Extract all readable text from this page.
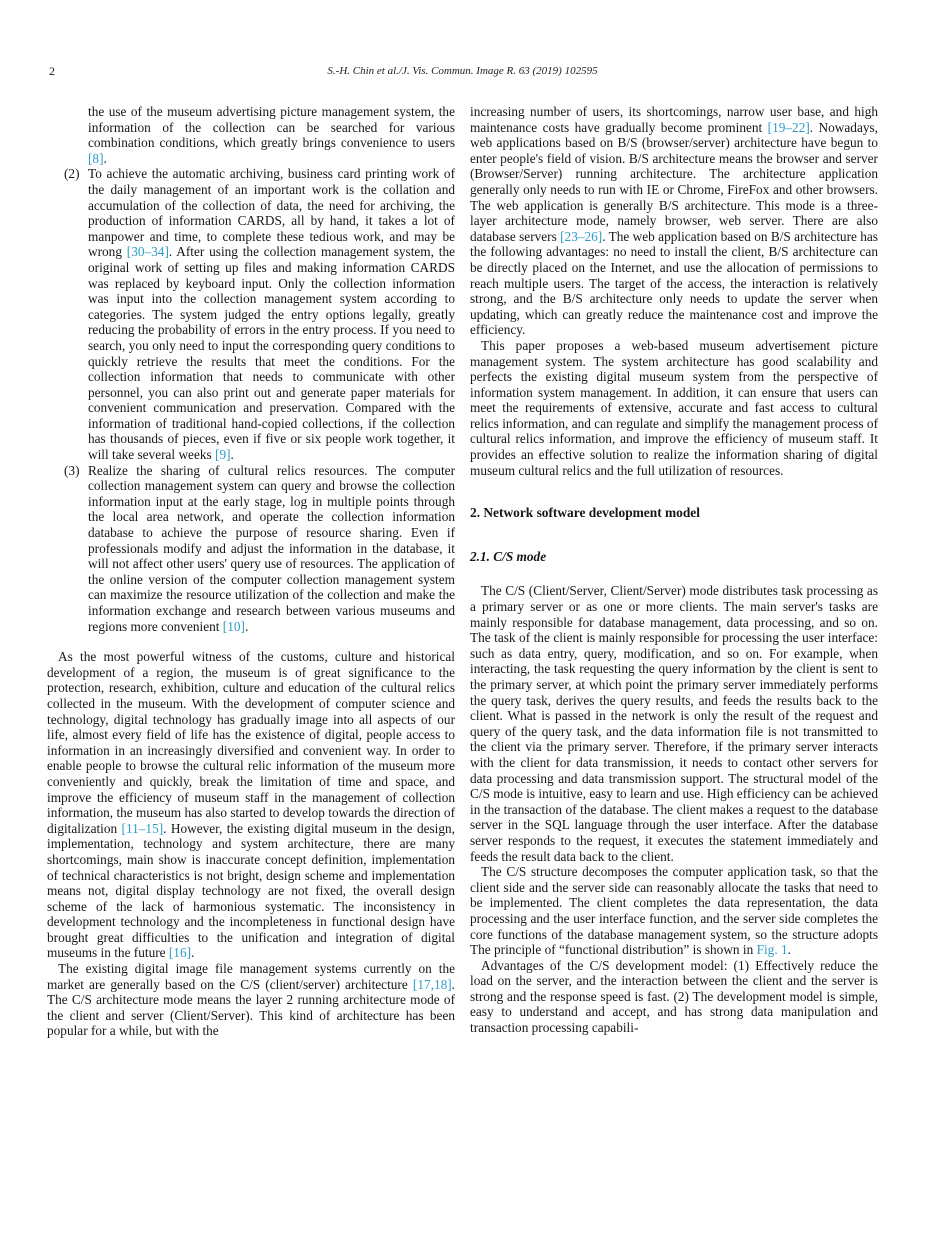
2	S.-H. Chin et al./J. Vis. Commun. Image R. 63 (2019) 102595
the use of the museum advertising picture management system, the information of the collection can be searched for various combination conditions, which greatly brings convenience to users [8].
(2) To achieve the automatic archiving, business card printing work of the daily management of an important work is the collation and accumulation of the collection of data, the need for archiving, the production of information CARDS, all by hand, it takes a lot of manpower and time, to complete these tedious work, and may be wrong [30–34]. After using the collection management system, the original work of setting up files and making information CARDS was replaced by keyboard input. Only the collection information was input into the collection management system according to categories. The system judged the entry options legally, greatly reducing the probability of errors in the entry process. If you need to search, you only need to input the corresponding query conditions to quickly retrieve the results that meet the conditions. For the collection information that needs to communicate with other personnel, you can also print out and generate paper materials for convenient communication and preservation. Compared with the information of traditional hand-copied collections, if the collection has thousands of pieces, even if five or six people work together, it will take several weeks [9].
(3) Realize the sharing of cultural relics resources. The computer collection management system can query and browse the collection information input at the early stage, log in multiple points through the local area network, and operate the collection information database to achieve the purpose of resource sharing. Even if professionals modify and adjust the information in the database, it will not affect other users' query use of resources. The application of the online version of the computer collection management system can maximize the resource utilization of the collection and make the information exchange and research between various museums and regions more convenient [10].

As the most powerful witness of the customs, culture and historical development of a region, the museum is of great significance to the protection, research, exhibition, culture and education of the cultural relics collected in the museum. With the development of computer science and technology, digital technology has gradually image into all aspects of our life, almost every field of life has the existence of digital, people access to information in an increasingly diversified and convenient way. In order to enable people to browse the cultural relic information of the museum more conveniently and quickly, break the limitation of time and space, and improve the efficiency of museum staff in the management of collection information, the museum has also started to develop towards the direction of digitalization [11–15]. However, the existing digital museum in the design, implementation, technology and system architecture, there are many shortcomings, main show is inaccurate concept definition, implementation of technical characteristics is not bright, design scheme and implementation means not, digital display technology are not fixed, the overall design scheme of the lack of harmonious systematic. The inconsistency in development technology and the incompleteness in functional design have brought great difficulties to the unification and integration of digital museums in the future [16].

The existing digital image file management systems currently on the market are generally based on the C/S (client/server) architecture [17,18]. The C/S architecture mode means the layer 2 running architecture mode of the client and server (Client/Server). This kind of architecture has been popular for a while, but with the

increasing number of users, its shortcomings, narrow user base, and high maintenance costs have gradually become prominent [19–22]. Nowadays, web applications based on B/S (browser/server) architecture have begun to enter people's field of vision. B/S architecture means the browser and server (Browser/Server) running architecture. The architecture application generally only needs to run with IE or Chrome, FireFox and other browsers. The web application is generally B/S architecture. This mode is a three-layer architecture mode, namely browser, web server. There are also database servers [23–26]. The web application based on B/S architecture has the following advantages: no need to install the client, B/S architecture can be directly placed on the Internet, and use the allocation of permissions to reach multiple users. The target of the access, the interaction is relatively strong, and the B/S architecture only needs to update the server when updating, which can greatly reduce the maintenance cost and improve the efficiency.

This paper proposes a web-based museum advertisement picture management system. The system architecture has good scalability and perfects the existing digital museum system from the perspective of information system management. In addition, it can ensure that users can meet the requirements of extensive, accurate and fast access to cultural relics information, and can regulate and simplify the management process of cultural relics information, and improve the efficiency of museum staff. It provides an effective solution to realize the information sharing of digital museum cultural relics and the full utilization of resources.

2. Network software development model
2.1. C/S mode

The C/S (Client/Server, Client/Server) mode distributes task processing as a primary server or as one or more clients. The main server's tasks are mainly responsible for database management, data processing, and so on. The task of the client is mainly responsible for processing the user interface: such as data entry, query, modification, and so on. For example, when interacting, the task requesting the query information by the client is sent to the primary server, at which point the primary server immediately performs the query task, derives the query results, and feeds the results back to the client. What is passed in the network is only the result of the request and query of the query task, and the data information file is not transmitted to the client via the primary server. Therefore, if the primary server interacts with the client for data transmission, it needs to contact other servers for data processing and data transmission support. The structural model of the C/S mode is intuitive, easy to learn and use. High efficiency can be achieved in the transaction of the database. The client makes a request to the database server in the SQL language through the user interface. After the database server responds to the request, it executes the statement immediately and feeds the result data back to the client.

The C/S structure decomposes the computer application task, so that the client side and the server side can reasonably allocate the tasks that need to be implemented. The client completes the data representation, the data processing and the user interface function, and the server side completes the core functions of the database management system, so the structure adopts The principle of “functional distribution” is shown in Fig. 1.

Advantages of the C/S development model: (1) Effectively reduce the load on the server, and the interaction between the client and the server is strong and the response speed is fast. (2) The development model is simple, easy to understand and accept, and has strong data manipulation and transaction processing capabili-
